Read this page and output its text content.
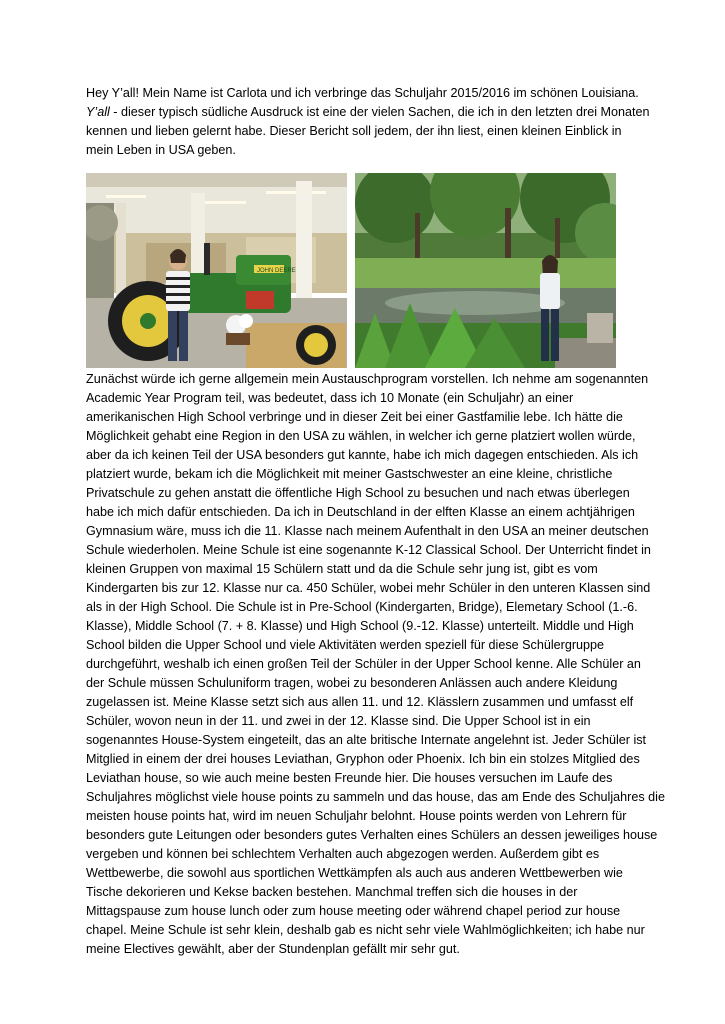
Hey Y’all! Mein Name ist Carlota und ich verbringe das Schuljahr 2015/2016 im schönen Louisiana.
Y’all - dieser typisch südliche Ausdruck ist eine der vielen Sachen, die ich in den letzten drei Monaten
kennen und lieben gelernt habe. Dieser Bericht soll jedem, der ihn liest, einen kleinen Einblick in
mein Leben in USA geben.
JOHN DEERE
Zunächst würde ich gerne allgemein mein Austauschprogram vorstellen. Ich nehme am sogenannten
Academic Year Program teil, was bedeutet, dass ich 10 Monate (ein Schuljahr) an einer
amerikanischen High School verbringe und in dieser Zeit bei einer Gastfamilie lebe. Ich hätte die
Möglichkeit gehabt eine Region in den USA zu wählen, in welcher ich gerne platziert wollen würde,
aber da ich keinen Teil der USA besonders gut kannte, habe ich mich dagegen entschieden. Als ich
platziert wurde, bekam ich die Möglichkeit mit meiner Gastschwester an eine kleine, christliche
Privatschule zu gehen anstatt die öffentliche High School zu besuchen und nach etwas überlegen
habe ich mich dafür entschieden. Da ich in Deutschland in der elften Klasse an einem achtjährigen
Gymnasium wäre, muss ich die 11. Klasse nach meinem Aufenthalt in den USA an meiner deutschen
Schule wiederholen. Meine Schule ist eine sogenannte K-12 Classical School. Der Unterricht findet in
kleinen Gruppen von maximal 15 Schülern statt und da die Schule sehr jung ist, gibt es vom
Kindergarten bis zur 12. Klasse nur ca. 450 Schüler, wobei mehr Schüler in den unteren Klassen sind
als in der High School. Die Schule ist in Pre-School (Kindergarten, Bridge), Elemetary School (1.-6.
Klasse), Middle School (7. + 8. Klasse) und High School (9.-12. Klasse) unterteilt. Middle und High
School bilden die Upper School und viele Aktivitäten werden speziell für diese Schülergruppe
durchgeführt, weshalb ich einen großen Teil der Schüler in der Upper School kenne. Alle Schüler an
der Schule müssen Schuluniform tragen, wobei zu besonderen Anlässen auch andere Kleidung
zugelassen ist. Meine Klasse setzt sich aus allen 11. und 12. Klässlern zusammen und umfasst elf
Schüler, wovon neun in der 11. und zwei in der 12. Klasse sind. Die Upper School ist in ein
sogenanntes House-System eingeteilt, das an alte britische Internate angelehnt ist. Jeder Schüler ist
Mitglied in einem der drei houses Leviathan, Gryphon oder Phoenix. Ich bin ein stolzes Mitglied des
Leviathan house, so wie auch meine besten Freunde hier. Die houses versuchen im Laufe des
Schuljahres möglichst viele house points zu sammeln und das house, das am Ende des Schuljahres die
meisten house points hat, wird im neuen Schuljahr belohnt. House points werden von Lehrern für
besonders gute Leitungen oder besonders gutes Verhalten eines Schülers an dessen jeweiliges house
vergeben und können bei schlechtem Verhalten auch abgezogen werden. Außerdem gibt es
Wettbewerbe, die sowohl aus sportlichen Wettkämpfen als auch aus anderen Wettbewerben wie
Tische dekorieren und Kekse backen bestehen. Manchmal treffen sich die houses in der
Mittagspause zum house lunch oder zum house meeting oder während chapel period zur house
chapel. Meine Schule ist sehr klein, deshalb gab es nicht sehr viele Wahlmöglichkeiten; ich habe nur
meine Electives gewählt, aber der Stundenplan gefällt mir sehr gut.
